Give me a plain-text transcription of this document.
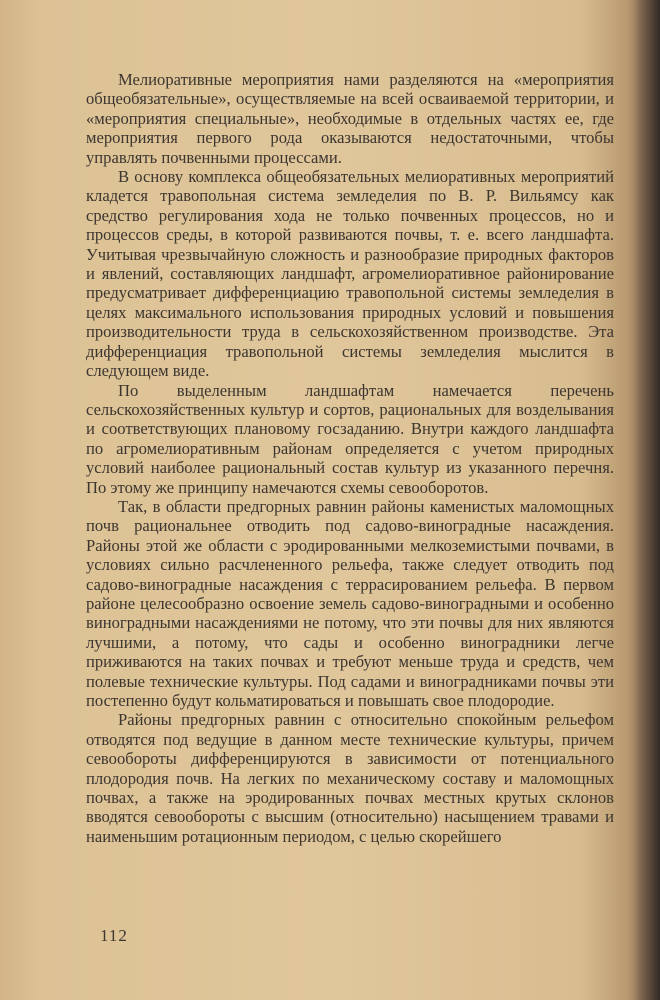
Мелиоративные мероприятия нами разделяются на «мероприятия общеобязательные», осуществляемые на всей осваиваемой территории, и «мероприятия специальные», необходимые в отдельных частях ее, где мероприятия первого рода оказываются недостаточными, чтобы управлять почвенными процессами.

В основу комплекса общеобязательных мелиоративных мероприятий кладется травопольная система земледелия по В. Р. Вильямсу как средство регулирования хода не только почвенных процессов, но и процессов среды, в которой развиваются почвы, т. е. всего ландшафта. Учитывая чрезвычайную сложность и разнообразие природных факторов и явлений, составляющих ландшафт, агромелиоративное районирование предусматривает дифференциацию травопольной системы земледелия в целях максимального использования природных условий и повышения производительности труда в сельскохозяйственном производстве. Эта дифференциация травопольной системы земледелия мыслится в следующем виде.

По выделенным ландшафтам намечается перечень сельскохозяйственных культур и сортов, рациональных для возделывания и соответствующих плановому госзаданию. Внутри каждого ландшафта по агромелиоративным районам определяется с учетом природных условий наиболее рациональный состав культур из указанного перечня. По этому же принципу намечаются схемы севооборотов.

Так, в области предгорных равнин районы каменистых маломощных почв рациональнее отводить под садово-виноградные насаждения. Районы этой же области с эродированными мелкоземистыми почвами, в условиях сильно расчлененного рельефа, также следует отводить под садово-виноградные насаждения с террасированием рельефа. В первом районе целесообразно освоение земель садово-виноградными и особенно виноградными насаждениями не потому, что эти почвы для них являются лучшими, а потому, что сады и особенно виноградники легче приживаются на таких почвах и требуют меньше труда и средств, чем полевые технические культуры. Под садами и виноградниками почвы эти постепенно будут кольматироваться и повышать свое плодородие.

Районы предгорных равнин с относительно спокойным рельефом отводятся под ведущие в данном месте технические культуры, причем севообороты дифференцируются в зависимости от потенциального плодородия почв. На легких по механическому составу и маломощных почвах, а также на эродированных почвах местных крутых склонов вводятся севообороты с высшим (относительно) насыщением травами и наименьшим ротационным периодом, с целью скорейшего

112
